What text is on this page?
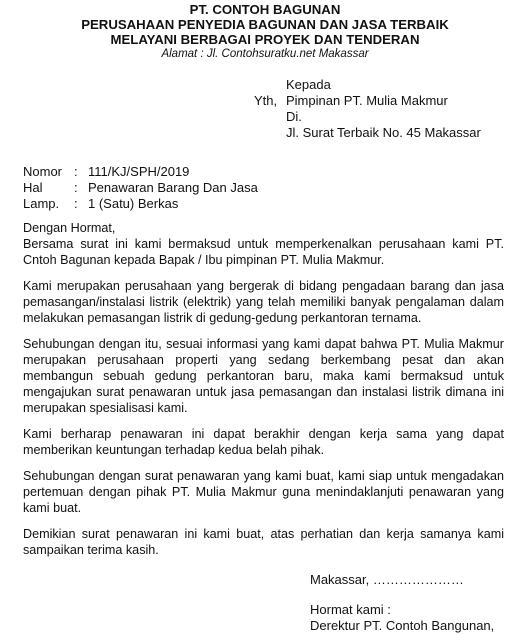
PT. CONTOH BAGUNAN
PERUSAHAAN PENYEDIA BAGUNAN DAN JASA TERBAIK
MELAYANI BERBAGAI PROYEK DAN TENDERAN
Alamat : Jl. Contohsuratku.net Makassar
Kepada
Yth, Pimpinan PT. Mulia Makmur
Di.
Jl. Surat Terbaik No. 45 Makassar
Nomor : 111/KJ/SPH/2019
Hal	: Penawaran Barang Dan Jasa
Lamp.	: 1 (Satu) Berkas

Dengan Hormat,

Bersama surat ini kami bermaksud untuk memperkenalkan perusahaan kami PT. Cntoh Bagunan kepada Bapak / Ibu pimpinan PT. Mulia Makmur.

Kami merupakan perusahaan yang bergerak di bidang pengadaan barang dan jasa pemasangan/instalasi listrik (elektrik) yang telah memiliki banyak pengalaman dalam melakukan pemasangan listrik di gedung-gedung perkantoran ternama.

Sehubungan dengan itu, sesuai informasi yang kami dapat bahwa PT. Mulia Makmur merupakan perusahaan properti yang sedang berkembang pesat dan akan membangun sebuah gedung perkantoran baru, maka kami bermaksud untuk mengajukan surat penawaran untuk jasa pemasangan dan instalasi listrik dimana ini merupakan spesialisasi kami.

Kami berharap penawaran ini dapat berakhir dengan kerja sama yang dapat memberikan keuntungan terhadap kedua belah pihak.

Sehubungan dengan surat penawaran yang kami buat, kami siap untuk mengadakan pertemuan dengan pihak PT. Mulia Makmur guna menindaklanjuti penawaran yang kami buat.

Demikian surat penawaran ini kami buat, atas perhatian dan kerja samanya kami sampaikan terima kasih.

Makassar, …………………
Hormat kami :
Derektur PT. Contoh Bangunan,
